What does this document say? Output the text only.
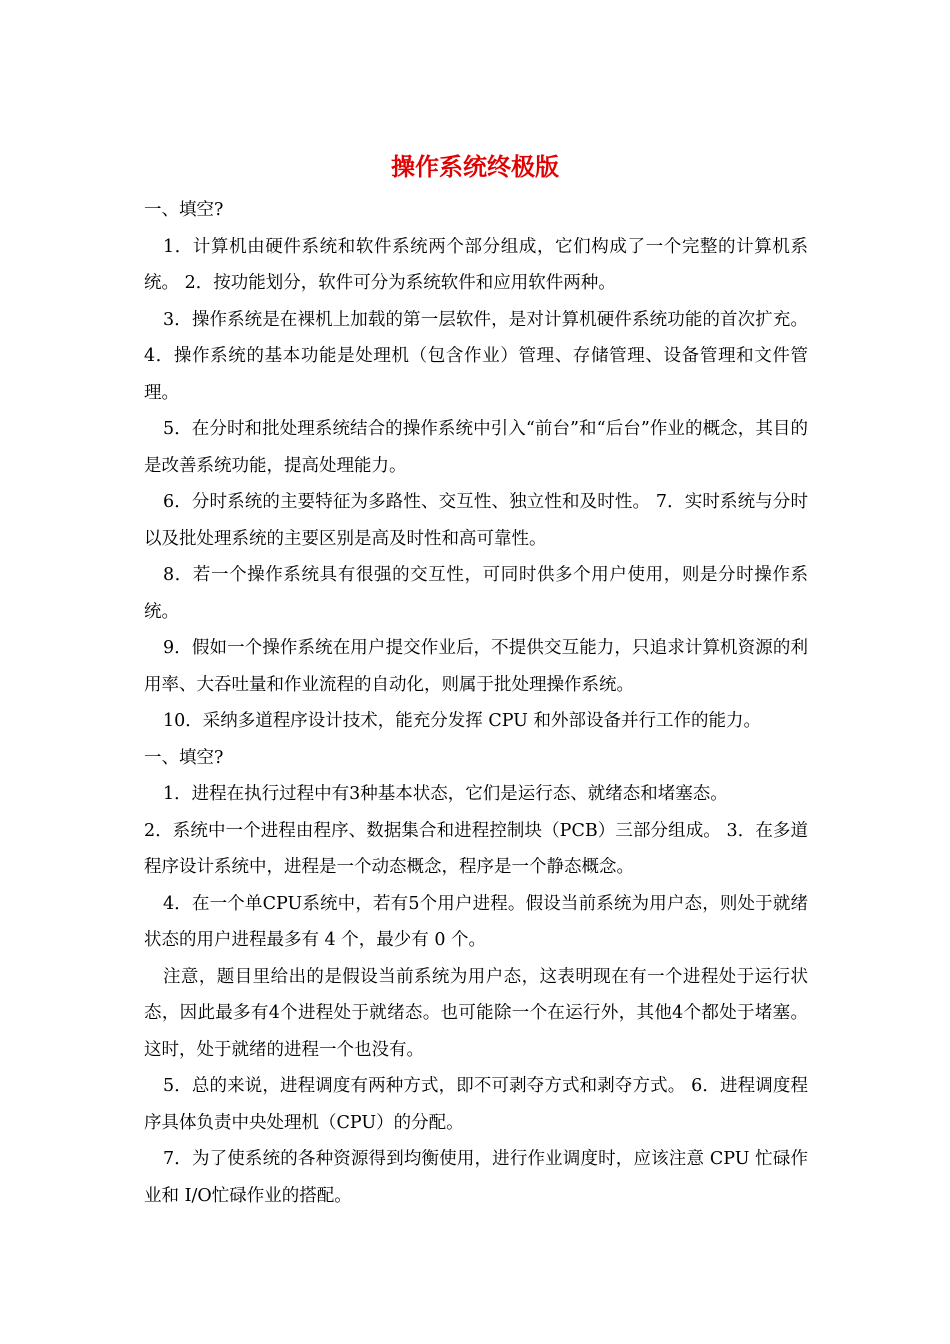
操作系统终极版

一、填空?

1．计算机由硬件系统和软件系统两个部分组成，它们构成了一个完整的计算机系统。 2．按功能划分，软件可分为系统软件和应用软件两种。

3．操作系统是在裸机上加载的第一层软件，是对计算机硬件系统功能的首次扩充。 4．操作系统的基本功能是处理机（包含作业）管理、存储管理、设备管理和文件管理。

5．在分时和批处理系统结合的操作系统中引入“前台”和“后台”作业的概念，其目的是改善系统功能，提高处理能力。

6．分时系统的主要特征为多路性、交互性、独立性和及时性。 7．实时系统与分时以及批处理系统的主要区别是高及时性和高可靠性。

8．若一个操作系统具有很强的交互性，可同时供多个用户使用，则是分时操作系统。

9．假如一个操作系统在用户提交作业后，不提供交互能力，只追求计算机资源的利用率、大吞吐量和作业流程的自动化，则属于批处理操作系统。

10．采纳多道程序设计技术，能充分发挥 CPU 和外部设备并行工作的能力。

一、填空?

1．进程在执行过程中有3种基本状态，它们是运行态、就绪态和堵塞态。

2．系统中一个进程由程序、数据集合和进程控制块（PCB）三部分组成。 3．在多道程序设计系统中，进程是一个动态概念，程序是一个静态概念。

4．在一个单CPU系统中，若有5个用户进程。假设当前系统为用户态，则处于就绪状态的用户进程最多有 4 个，最少有 0 个。

注意，题目里给出的是假设当前系统为用户态，这表明现在有一个进程处于运行状态，因此最多有4个进程处于就绪态。也可能除一个在运行外，其他4个都处于堵塞。这时，处于就绪的进程一个也没有。

5．总的来说，进程调度有两种方式，即不可剥夺方式和剥夺方式。 6．进程调度程序具体负责中央处理机（CPU）的分配。

7．为了使系统的各种资源得到均衡使用，进行作业调度时，应该注意 CPU 忙碌作业和 I/O忙碌作业的搭配。
